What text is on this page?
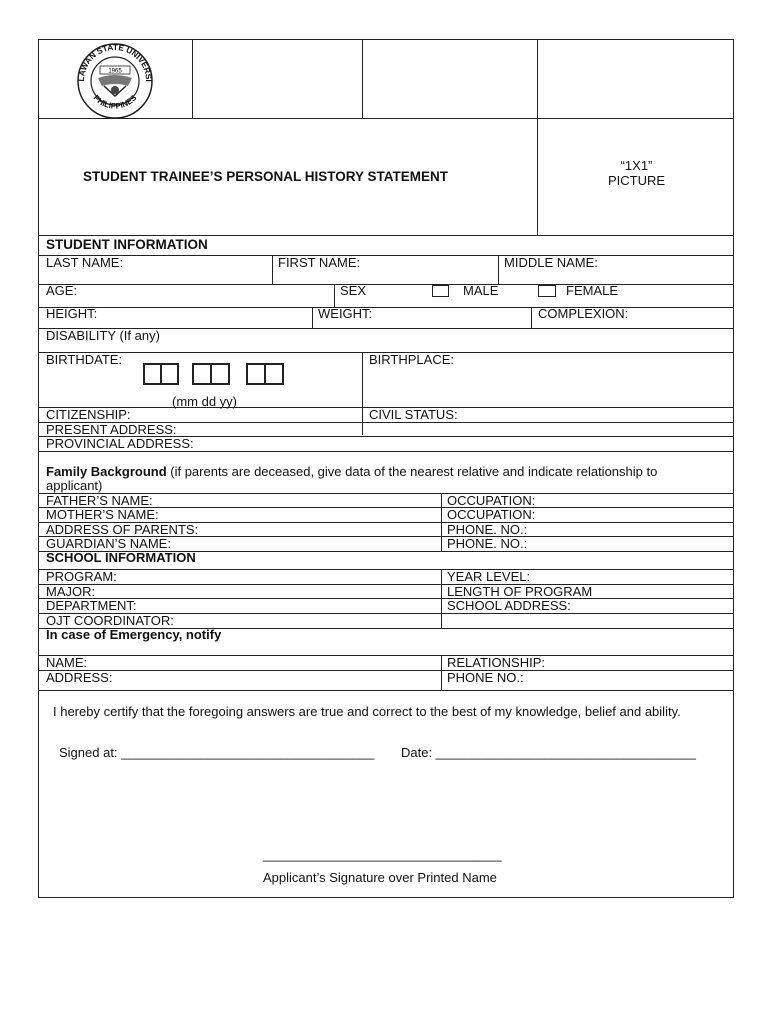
LAWAN STATE UNIVERSI
PHILIPPINES
1965
STUDENT TRAINEE’S PERSONAL HISTORY STATEMENT
“1X1”
PICTURE
STUDENT INFORMATION
LAST NAME:	FIRST NAME:	MIDDLE NAME:
AGE:	SEX	MALE	FEMALE
HEIGHT:	WEIGHT:	COMPLEXION:
DISABILITY (If any)
BIRTHDATE:
(mm dd yy)
BIRTHPLACE:
CITIZENSHIP:	CIVIL STATUS:
PRESENT ADDRESS:
PROVINCIAL ADDRESS:
Family Background (if parents are deceased, give data of the nearest relative and indicate relationship to
applicant)
FATHER’S NAME:	OCCUPATION:
MOTHER’S NAME:	OCCUPATION:
ADDRESS OF PARENTS:	PHONE. NO.:
GUARDIAN’S NAME:	PHONE. NO.:
SCHOOL INFORMATION
PROGRAM:	YEAR LEVEL:
MAJOR:	LENGTH OF PROGRAM
DEPARTMENT:	SCHOOL ADDRESS:
OJT COORDINATOR:
In case of Emergency, notify
NAME:	RELATIONSHIP:
ADDRESS:	PHONE NO.:
I hereby certify that the foregoing answers are true and correct to the best of my knowledge, belief and ability.
Signed at: ___________________________________ Date: ____________________________________
_________________________________
Applicant’s Signature over Printed Name
